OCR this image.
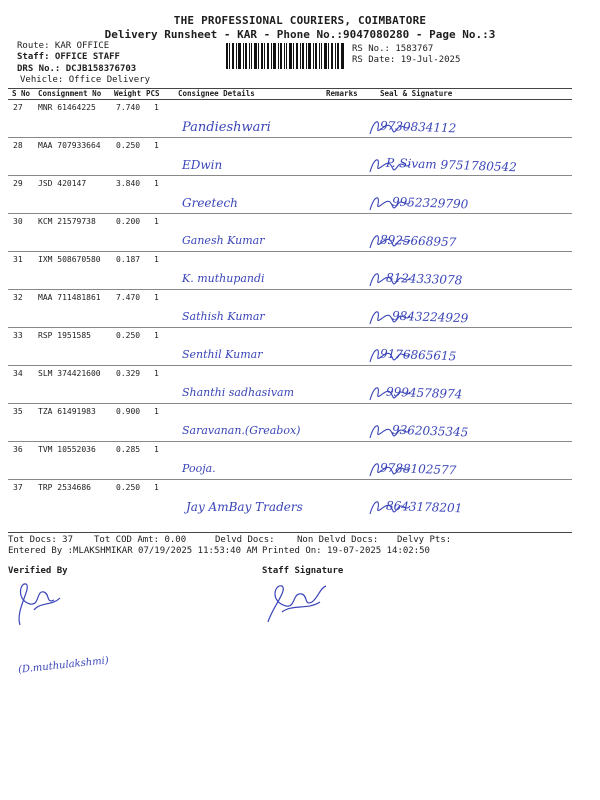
THE PROFESSIONAL COURIERS, COIMBATORE
Delivery Runsheet - KAR - Phone No.:9047080280 - Page No.:3
Route: KAR OFFICE
Staff: OFFICE STAFF
DRS No.: DCJB158376703
Vehicle: Office Delivery
RS No.: 1583767
RS Date: 19-Jul-2025
S No Consignment No Weight PCS Consignee Details	Remarks	Seal & Signature
27 MNR 61464225	7.740 1
Pandieshwari	9730834112
28 MAA 707933664 0.250 1
EDwin	P. Sivam 9751780542
29 JSD 420147	3.840 1
Greetech	9952329790
30 KCM 21579738	0.200 1
Ganesh Kumar	8925668957
31 IXM 508670580 0.187 1
K. muthupandi	8124333078
32 MAA 711481861 7.470 1
Sathish Kumar	9843224929
33 RSP 1951585	0.250 1
Senthil Kumar	9176865615
34 SLM 374421600 0.329 1
Shanthi sadhasivam	9994578974
35 TZA 61491983	0.900 1
Saravanan.(Greabox)	9362035345
36 TVM 10552036	0.285 1
Pooja.	9788102577
37 TRP 2534686	0.250 1
Jay AmBay Traders	8643178201
Tot Docs: 37 Tot COD Amt: 0.00	Delvd Docs: Non Delvd Docs: Delvy Pts:
Entered By :MLAKSHMIKAR 07/19/2025 11:53:40 AM Printed On: 19-07-2025 14:02:50
Verified By	Staff Signature
(D.muthulakshmi)
